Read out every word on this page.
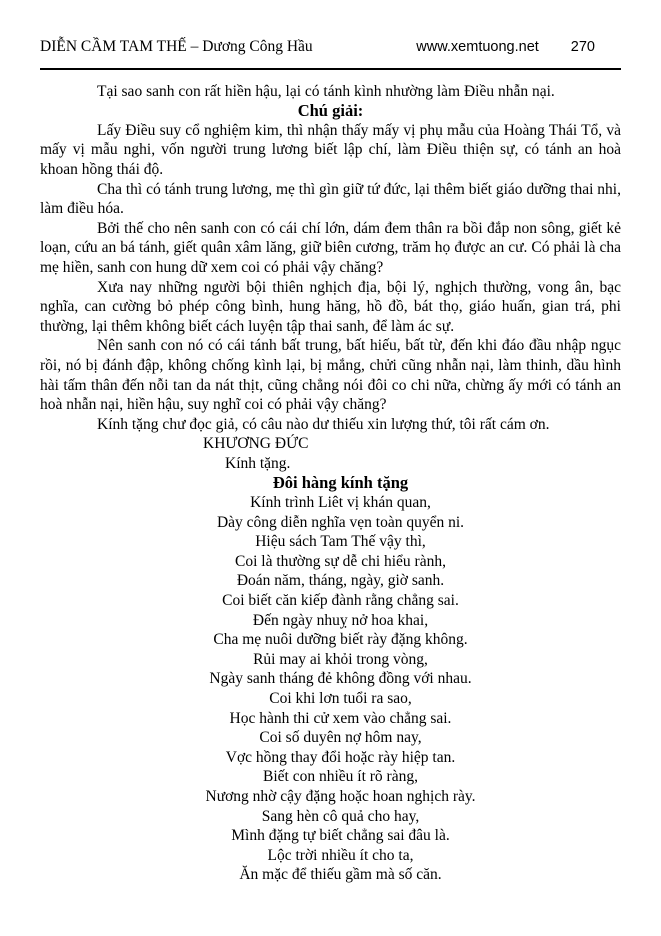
DIỄN CẦM TAM THẾ – Dương Công Hầu	www.xemtuong.net 270
Tại sao sanh con rất hiền hậu, lại có tánh kình nhường làm Điều nhẫn nại.
Chú giải:
Lấy Điều suy cổ nghiệm kim, thì nhận thấy mấy vị phụ mẫu của Hoàng Thái Tổ, và mấy vị mẫu nghi, vốn người trung lương biết lập chí, làm Điều thiện sự, có tánh an hoà khoan hồng thái độ.
Cha thì có tánh trung lương, mẹ thì gìn giữ tứ đức, lại thêm biết giáo dưỡng thai nhi, làm điều hóa.
Bởi thế cho nên sanh con có cái chí lớn, dám đem thân ra bồi đắp non sông, giết kẻ loạn, cứu an bá tánh, giết quân xâm lăng, giữ biên cương, trăm họ được an cư. Có phải là cha mẹ hiền, sanh con hung dữ xem coi có phải vậy chăng?
Xưa nay những người bội thiên nghịch địa, bội lý, nghịch thường, vong ân, bạc nghĩa, can cường bỏ phép công bình, hung hăng, hồ đồ, bát thọ, giáo huấn, gian trá, phi thường, lại thêm không biết cách luyện tập thai sanh, để làm ác sự.
Nên sanh con nó có cái tánh bất trung, bất hiếu, bất từ, đến khi đáo đầu nhập ngục rồi, nó bị đánh đập, không chống kình lại, bị mắng, chửi cũng nhẫn nại, làm thinh, dầu hình hài tấm thân đến nỗi tan da nát thịt, cũng chẳng nói đôi co chi nữa, chừng ấy mới có tánh an hoà nhẫn nại, hiền hậu, suy nghĩ coi có phải vậy chăng?
Kính tặng chư đọc giả, có câu nào dư thiếu xin lượng thứ, tôi rất cám ơn.
KHƯƠNG ĐỨC
Kính tặng.
Đôi hàng kính tặng
Kính trình Liêt vị khán quan,
Dày công diễn nghĩa vẹn toàn quyển ni.
Hiệu sách Tam Thế vậy thì,
Coi là thường sự dễ chi hiểu rành,
Đoán năm, tháng, ngày, giờ sanh.
Coi biết căn kiếp đành rằng chẳng sai.
Đến ngày nhuỵ nở hoa khai,
Cha mẹ nuôi dưỡng biết rày đặng không.
Rủi may ai khỏi trong vòng,
Ngày sanh tháng đẻ không đồng với nhau.
Coi khi lơn tuổi ra sao,
Học hành thi cử xem vào chẳng sai.
Coi số duyên nợ hôm nay,
Vợc hồng thay đổi hoặc rày hiệp tan.
Biết con nhiều ít rõ ràng,
Nương nhờ cậy đặng hoặc hoan nghịch rày.
Sang hèn cô quả cho hay,
Mình đặng tự biết chẳng sai đâu là.
Lộc trời nhiều ít cho ta,
Ăn mặc để thiếu gầm mà số căn.
